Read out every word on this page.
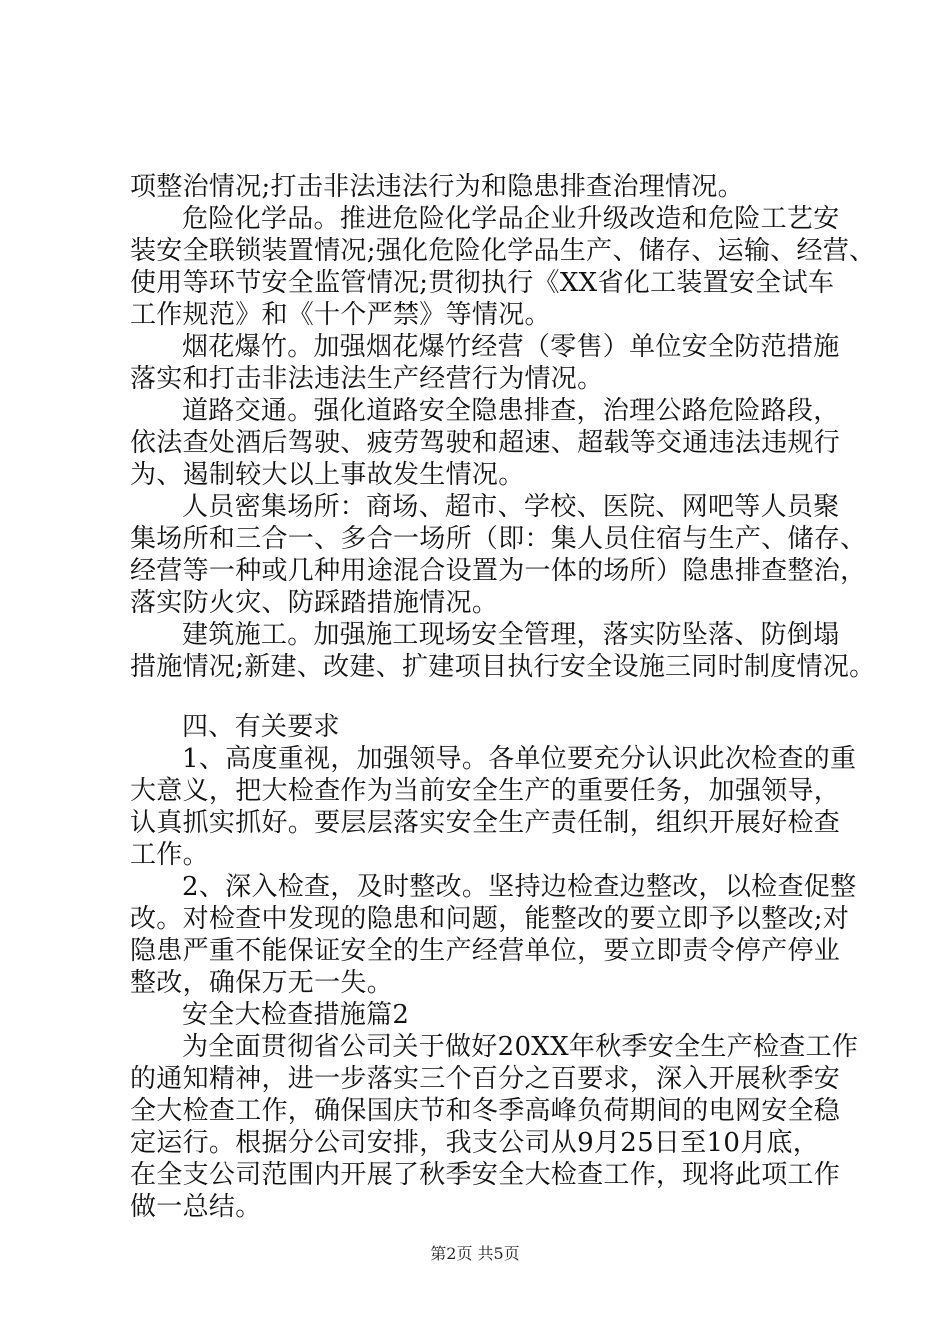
项整治情况;打击非法违法行为和隐患排查治理情况。
危险化学品。推进危险化学品企业升级改造和危险工艺安
装安全联锁装置情况;强化危险化学品生产、储存、运输、经营、
使用等环节安全监管情况;贯彻执行《XX省化工装置安全试车
工作规范》和《十个严禁》等情况。
烟花爆竹。加强烟花爆竹经营（零售）单位安全防范措施
落实和打击非法违法生产经营行为情况。
道路交通。强化道路安全隐患排查，治理公路危险路段，
依法查处酒后驾驶、疲劳驾驶和超速、超载等交通违法违规行
为、遏制较大以上事故发生情况。
人员密集场所：商场、超市、学校、医院、网吧等人员聚
集场所和三合一、多合一场所（即：集人员住宿与生产、储存、
经营等一种或几种用途混合设置为一体的场所）隐患排查整治，
落实防火灾、防踩踏措施情况。
建筑施工。加强施工现场安全管理，落实防坠落、防倒塌
措施情况;新建、改建、扩建项目执行安全设施三同时制度情况。
四、有关要求
1、高度重视，加强领导。各单位要充分认识此次检查的重
大意义，把大检查作为当前安全生产的重要任务，加强领导，
认真抓实抓好。要层层落实安全生产责任制，组织开展好检查
工作。
2、深入检查，及时整改。坚持边检查边整改，以检查促整
改。对检查中发现的隐患和问题，能整改的要立即予以整改;对
隐患严重不能保证安全的生产经营单位，要立即责令停产停业
整改，确保万无一失。
安全大检查措施篇2
为全面贯彻省公司关于做好20XX年秋季安全生产检查工作
的通知精神，进一步落实三个百分之百要求，深入开展秋季安
全大检查工作，确保国庆节和冬季高峰负荷期间的电网安全稳
定运行。根据分公司安排，我支公司从9月25日至10月底，
在全支公司范围内开展了秋季安全大检查工作，现将此项工作
做一总结。
第2页 共5页
